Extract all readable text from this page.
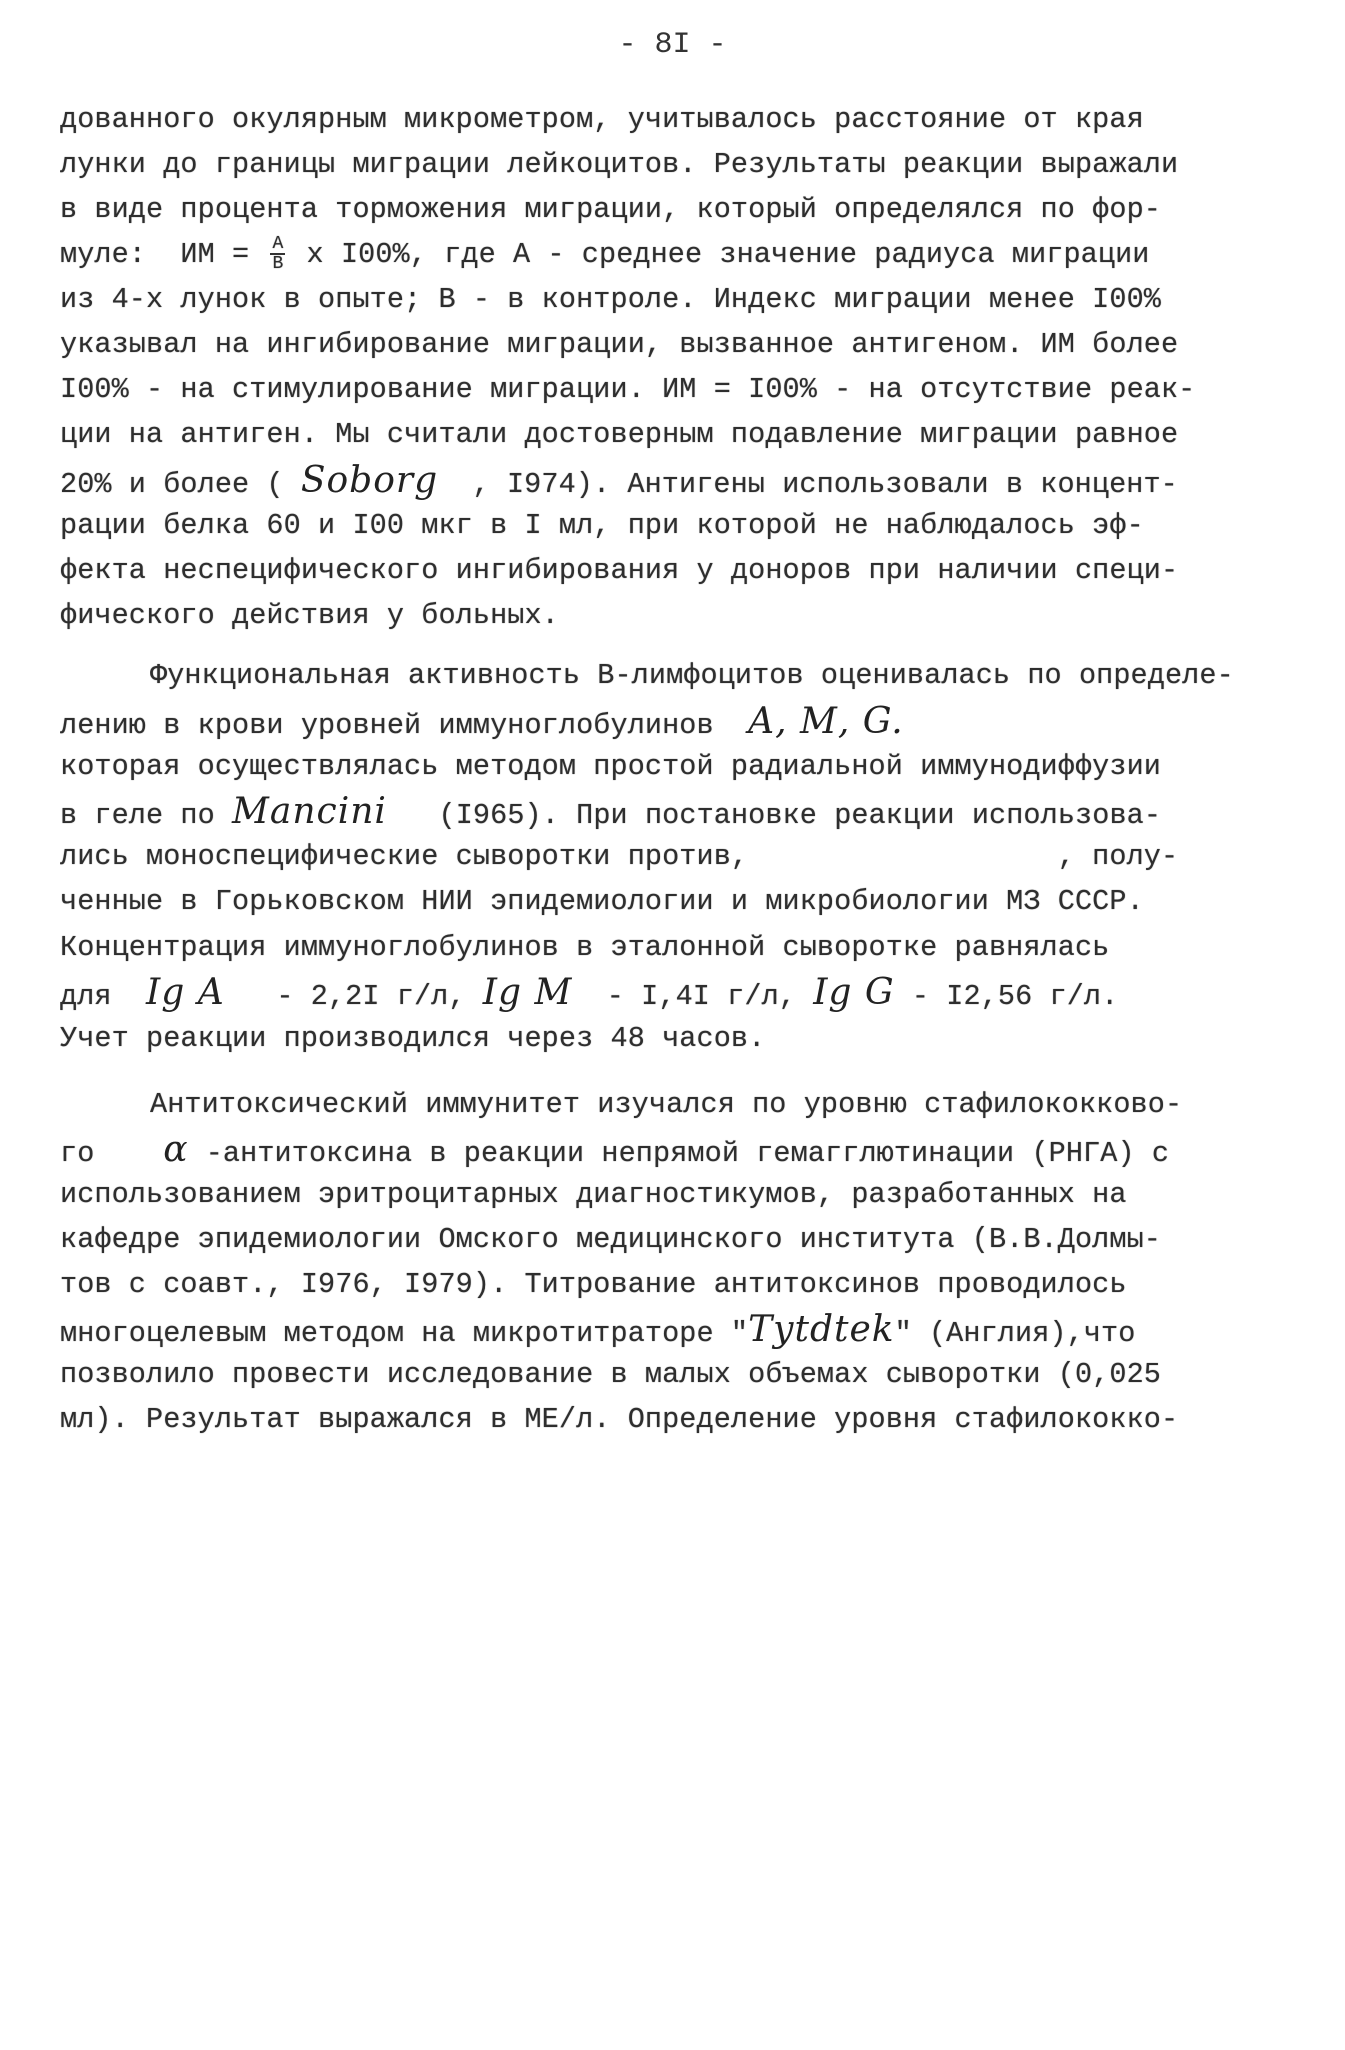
- 8I -
дованного окулярным микрометром, учитывалось расстояние от края
лунки до границы миграции лейкоцитов. Результаты реакции выражали
в виде процента торможения миграции, который определялся по фор-
муле:  ИМ = $\frac{A}{B}$ x I00%, где A - среднее значение радиуса миграции
из 4-х лунок в опыте; B - в контроле. Индекс миграции менее I00%
указывал на ингибирование миграции, вызванное антигеном. ИМ более
I00% - на стимулирование миграции. ИМ = I00% - на отсутствие реак-
ции на антиген. Мы считали достоверным подавление миграции равное
20% и более ( Soborg  , I974). Антигены использовали в концент-
рации белка 60 и I00 мкг в I мл, при которой не наблюдалось эф-
фекта неспецифического ингибирования у доноров при наличии специ-
фического действия у больных.
Функциональная активность B-лимфоцитов оценивалась по определе-
лению в крови уровней иммуноглобулинов  A, M, G.
которая осуществлялась методом простой радиальной иммунодиффузии
в геле по Mancini   (I965). При постановке реакции использова-
лись моноспецифические сыворотки против,                  , полу-
ченные в Горьковском НИИ эпидемиологии и микробиологии МЗ СССР.
Концентрация иммуноглобулинов в эталонной сыворотке равнялась
для  Ig A   - 2,2I г/л, Ig M  - I,4I г/л, Ig G - I2,56 г/л.
Учет реакции производился через 48 часов.
Антитоксический иммунитет изучался по уровню стафилококково-
го    α -антитоксина в реакции непрямой гемагглютинации (РНГА) с
использованием эритроцитарных диагностикумов, разработанных на
кафедре эпидемиологии Омского медицинского института (В.В.Долмы-
тов с соавт., I976, I979). Титрование антитоксинов проводилось
многоцелевым методом на микротитраторе "Tytdtek" (Англия),что
позволило провести исследование в малых объемах сыворотки (0,025
мл). Результат выражался в МЕ/л. Определение уровня стафилококко-
